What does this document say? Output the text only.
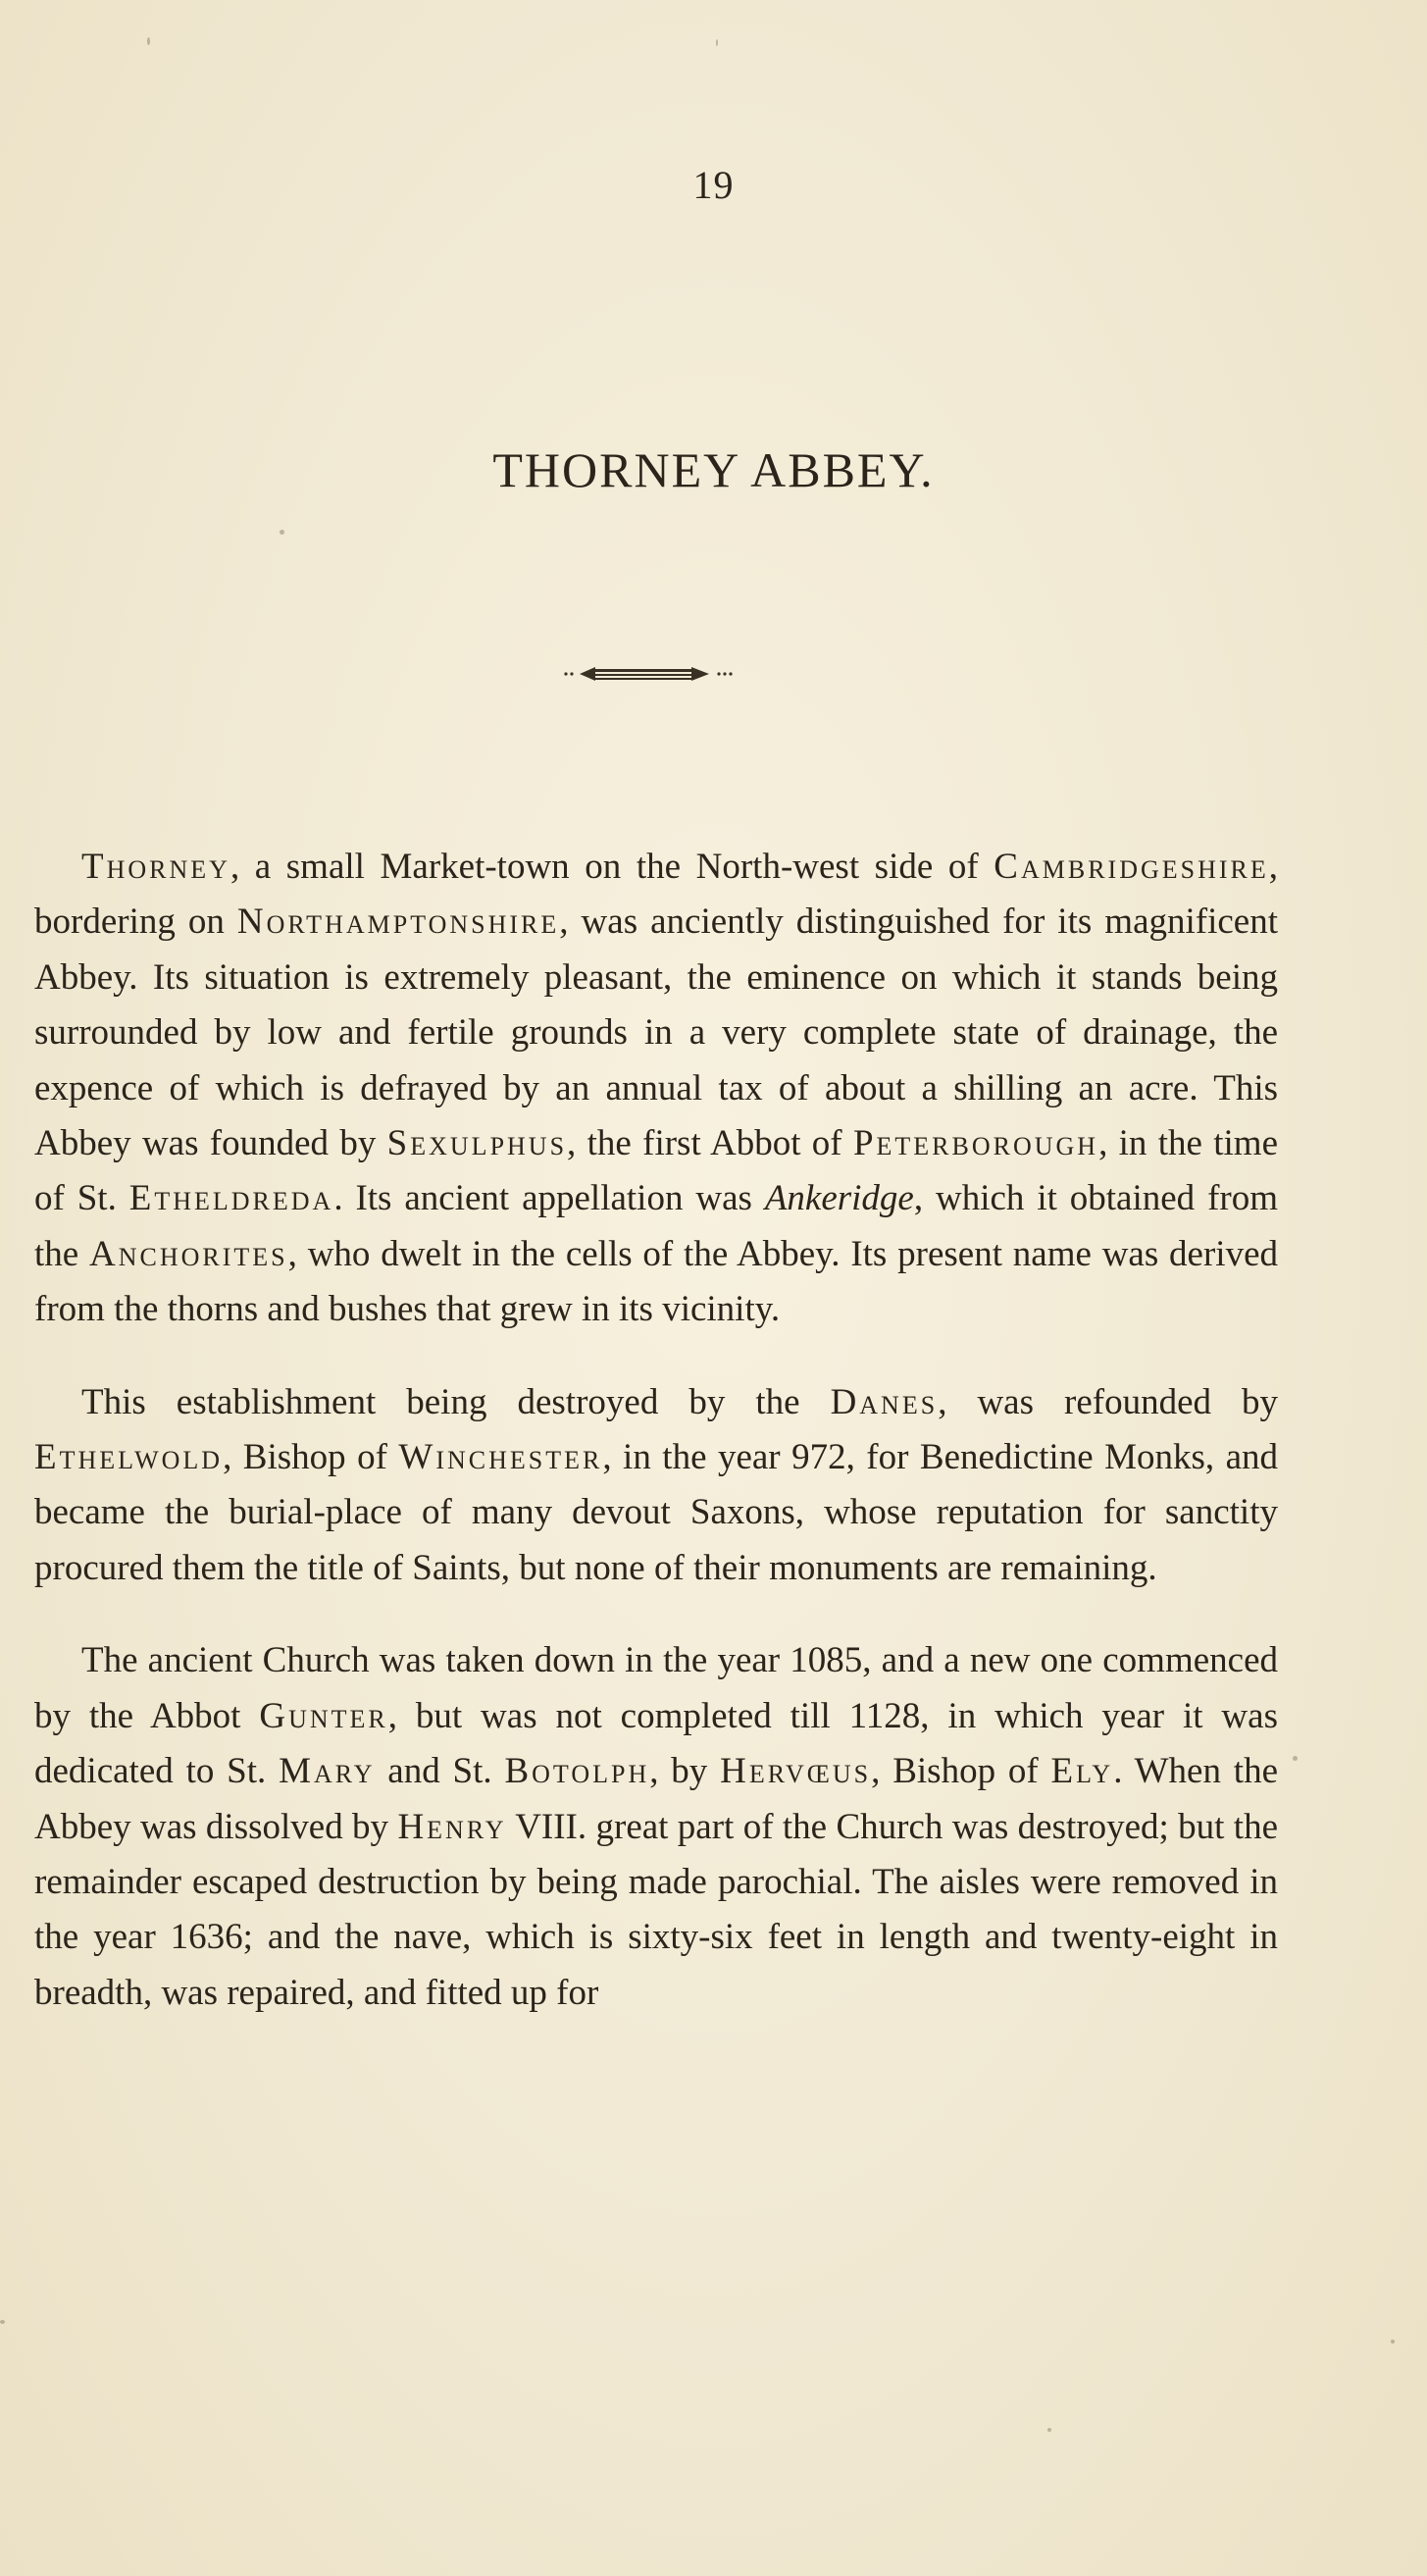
19
THORNEY ABBEY.

Thorney, a small Market-town on the North-west side of Cambridgeshire, bordering on Northamptonshire, was anciently distinguished for its magnificent Abbey. Its situation is extremely pleasant, the eminence on which it stands being surrounded by low and fertile grounds in a very complete state of drainage, the expence of which is defrayed by an annual tax of about a shilling an acre. This Abbey was founded by Sexulphus, the first Abbot of Peterborough, in the time of St. Etheldreda. Its ancient appellation was Ankeridge, which it obtained from the Anchorites, who dwelt in the cells of the Abbey. Its present name was derived from the thorns and bushes that grew in its vicinity.

This establishment being destroyed by the Danes, was refounded by Ethelwold, Bishop of Winchester, in the year 972, for Benedictine Monks, and became the burial-place of many devout Saxons, whose reputation for sanctity procured them the title of Saints, but none of their monuments are remaining.

The ancient Church was taken down in the year 1085, and a new one commenced by the Abbot Gunter, but was not completed till 1128, in which year it was dedicated to St. Mary and St. Botolph, by Hervœus, Bishop of Ely. When the Abbey was dissolved by Henry VIII. great part of the Church was destroyed; but the remainder escaped destruction by being made parochial. The aisles were removed in the year 1636; and the nave, which is sixty-six feet in length and twenty-eight in breadth, was repaired, and fitted up for
